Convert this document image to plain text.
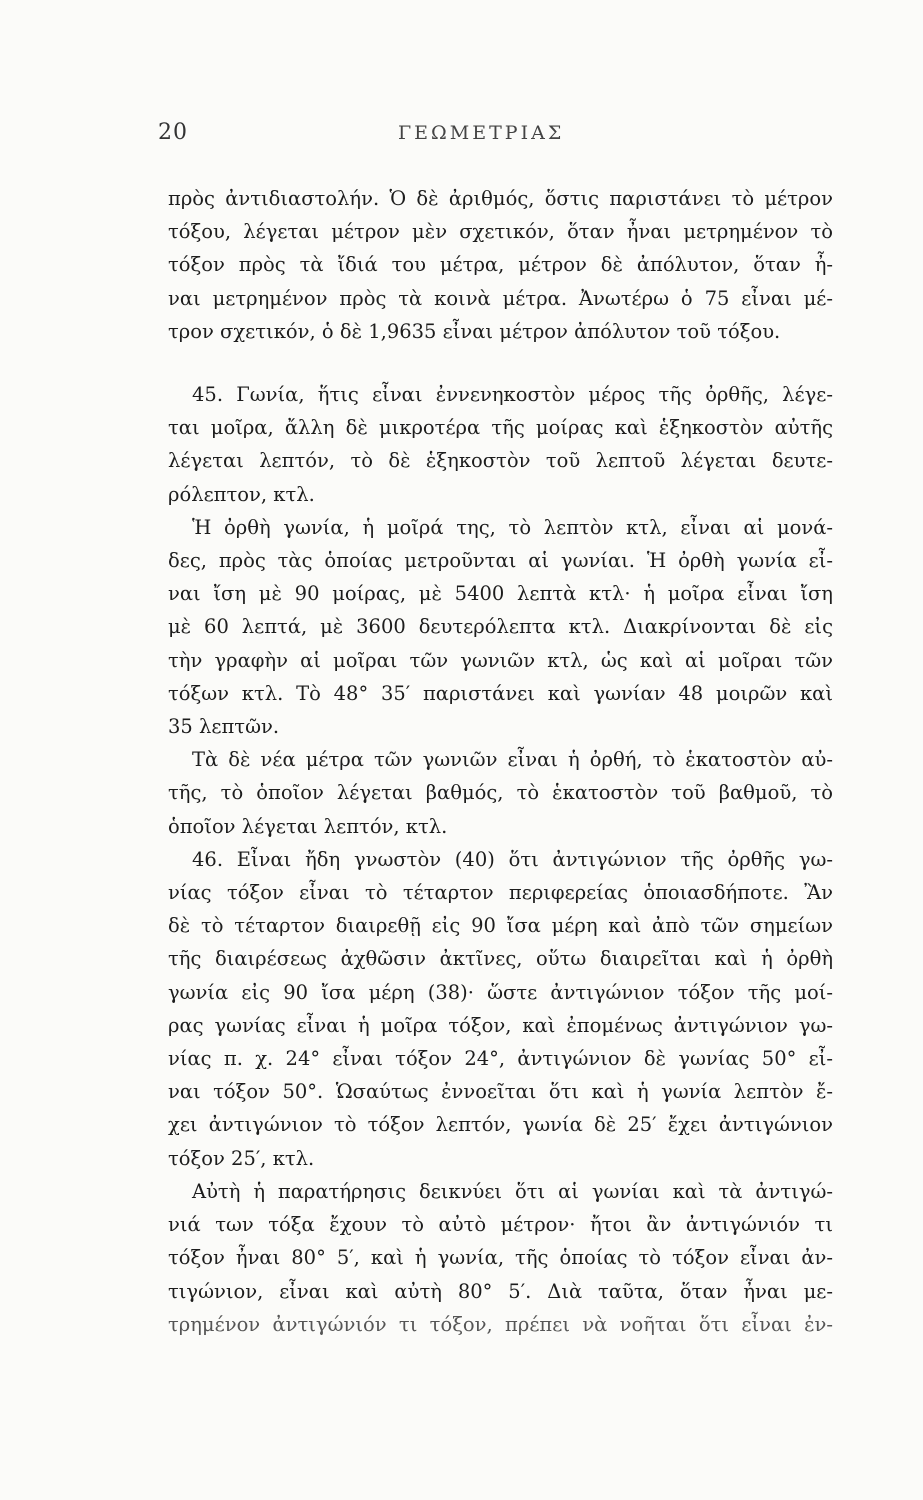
20	ΓΕΩΜΕΤΡΙΑΣ
πρὸς ἀντιδιαστολήν. Ὁ δὲ ἀριθμός, ὅστις παριστάνει τὸ μέτρον
τόξου, λέγεται μέτρον μὲν σχετικόν, ὅταν ἦναι μετρημένον τὸ
τόξον πρὸς τὰ ἴδιά του μέτρα, μέτρον δὲ ἀπόλυτον, ὅταν ἦ-
ναι μετρημένον πρὸς τὰ κοινὰ μέτρα. Ἀνωτέρω ὁ 75 εἶναι μέ-
τρον σχετικόν, ὁ δὲ 1,9635 εἶναι μέτρον ἀπόλυτον τοῦ τόξου.
45. Γωνία, ἥτις εἶναι ἐννενηκοστὸν μέρος τῆς ὀρθῆς, λέγε-
ται μοῖρα, ἄλλη δὲ μικροτέρα τῆς μοίρας καὶ ἑξηκοστὸν αὐτῆς
λέγεται λεπτόν, τὸ δὲ ἑξηκοστὸν τοῦ λεπτοῦ λέγεται δευτε-
ρόλεπτον, κτλ.
Ἡ ὀρθὴ γωνία, ἡ μοῖρά της, τὸ λεπτὸν κτλ, εἶναι αἱ μονά-
δες, πρὸς τὰς ὁποίας μετροῦνται αἱ γωνίαι. Ἡ ὀρθὴ γωνία εἶ-
ναι ἴση μὲ 90 μοίρας, μὲ 5400 λεπτὰ κτλ· ἡ μοῖρα εἶναι ἴση
μὲ 60 λεπτά, μὲ 3600 δευτερόλεπτα κτλ. Διακρίνονται δὲ εἰς
τὴν γραφὴν αἱ μοῖραι τῶν γωνιῶν κτλ, ὡς καὶ αἱ μοῖραι τῶν
τόξων κτλ. Τὸ 48° 35′ παριστάνει καὶ γωνίαν 48 μοιρῶν καὶ
35 λεπτῶν.
Τὰ δὲ νέα μέτρα τῶν γωνιῶν εἶναι ἡ ὀρθή, τὸ ἑκατοστὸν αὐ-
τῆς, τὸ ὁποῖον λέγεται βαθμός, τὸ ἑκατοστὸν τοῦ βαθμοῦ, τὸ
ὁποῖον λέγεται λεπτόν, κτλ.
46. Εἶναι ἤδη γνωστὸν (40) ὅτι ἀντιγώνιον τῆς ὀρθῆς γω-
νίας τόξον εἶναι τὸ τέταρτον περιφερείας ὁποιασδήποτε. Ἂν
δὲ τὸ τέταρτον διαιρεθῇ εἰς 90 ἴσα μέρη καὶ ἀπὸ τῶν σημείων
τῆς διαιρέσεως ἀχθῶσιν ἀκτῖνες, οὕτω διαιρεῖται καὶ ἡ ὀρθὴ
γωνία εἰς 90 ἴσα μέρη (38)· ὥστε ἀντιγώνιον τόξον τῆς μοί-
ρας γωνίας εἶναι ἡ μοῖρα τόξον, καὶ ἐπομένως ἀντιγώνιον γω-
νίας π. χ. 24° εἶναι τόξον 24°, ἀντιγώνιον δὲ γωνίας 50° εἶ-
ναι τόξον 50°. Ὡσαύτως ἐννοεῖται ὅτι καὶ ἡ γωνία λεπτὸν ἔ-
χει ἀντιγώνιον τὸ τόξον λεπτόν, γωνία δὲ 25′ ἔχει ἀντιγώνιον
τόξον 25′, κτλ.
Αὐτὴ ἡ παρατήρησις δεικνύει ὅτι αἱ γωνίαι καὶ τὰ ἀντιγώ-
νιά των τόξα ἔχουν τὸ αὐτὸ μέτρον· ἤτοι ἂν ἀντιγώνιόν τι
τόξον ἦναι 80° 5′, καὶ ἡ γωνία, τῆς ὁποίας τὸ τόξον εἶναι ἀν-
τιγώνιον, εἶναι καὶ αὐτὴ 80° 5′. Διὰ ταῦτα, ὅταν ἦναι με-
τρημένον ἀντιγώνιόν τι τόξον, πρέπει νὰ νοῆται ὅτι εἶναι ἐν-
